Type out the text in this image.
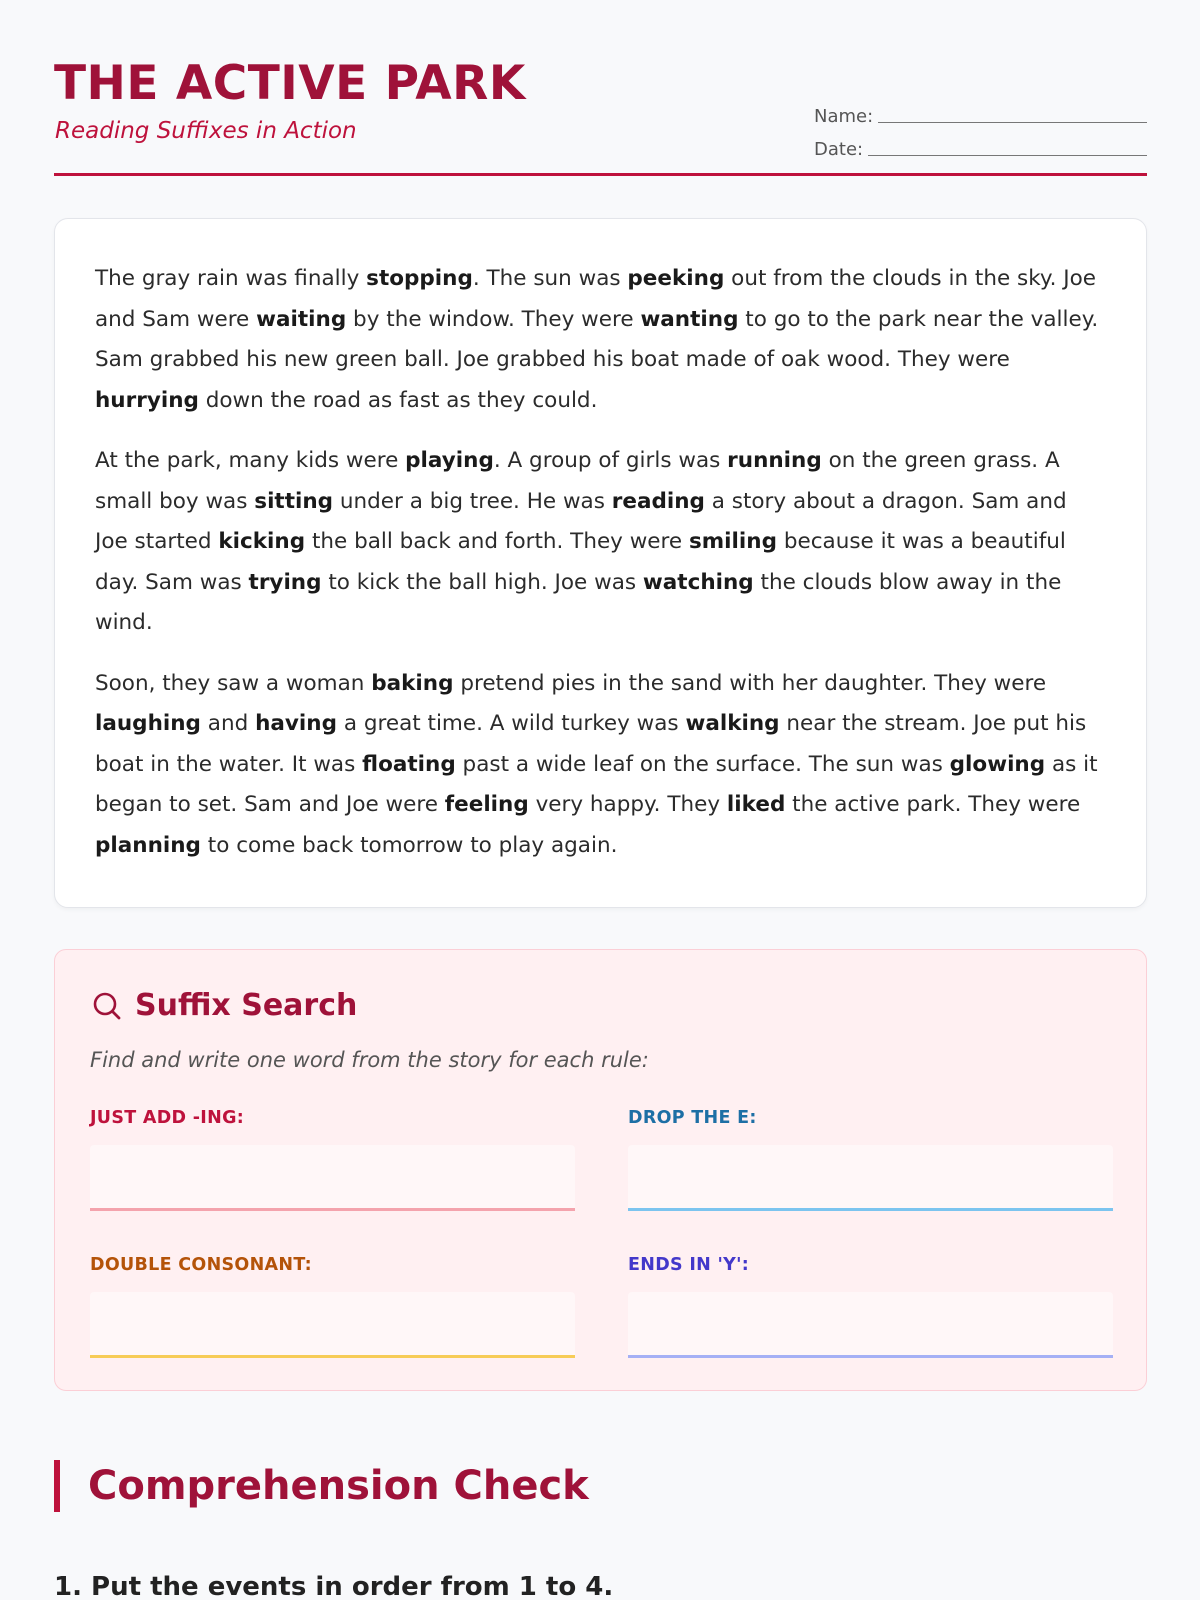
THE ACTIVE PARK
Reading Suffixes in Action
Name:
Date:

The gray rain was finally stopping. The sun was peeking out from the clouds in the sky. Joe and Sam were waiting by the window. They were wanting to go to the park near the valley. Sam grabbed his new green ball. Joe grabbed his boat made of oak wood. They were hurrying down the road as fast as they could.

At the park, many kids were playing. A group of girls was running on the green grass. A small boy was sitting under a big tree. He was reading a story about a dragon. Sam and Joe started kicking the ball back and forth. They were smiling because it was a beautiful day. Sam was trying to kick the ball high. Joe was watching the clouds blow away in the wind.

Soon, they saw a woman baking pretend pies in the sand with her daughter. They were laughing and having a great time. A wild turkey was walking near the stream. Joe put his boat in the water. It was floating past a wide leaf on the surface. The sun was glowing as it began to set. Sam and Joe were feeling very happy. They liked the active park. They were planning to come back tomorrow to play again.

Suffix Search
Find and write one word from the story for each rule:
JUST ADD -ING:	DROP THE E:
DOUBLE CONSONANT:	ENDS IN 'Y':
Comprehension Check
1. Put the events in order from 1 to 4.
